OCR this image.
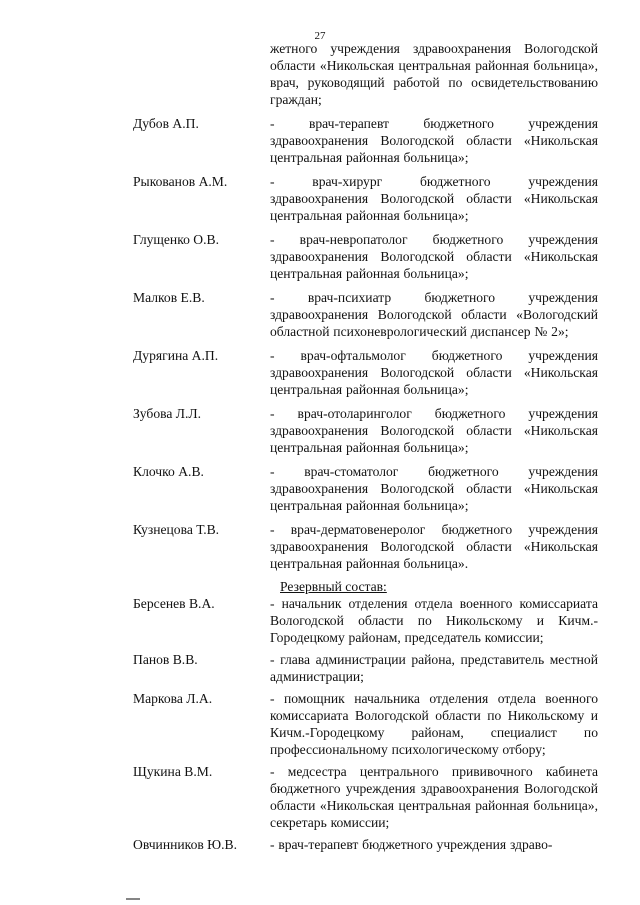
27
жетного учреждения здравоохранения Вологодской области «Никольская центральная районная больница», врач, руководящий работой по освидетельствованию граждан;
Дубов А.П.	- врач-терапевт бюджетного учреждения здравоохранения Вологодской области «Никольская центральная районная больница»;
Рыкованов А.М.	- врач-хирург бюджетного учреждения здравоохранения Вологодской области «Никольская центральная районная больница»;
Глущенко О.В.	- врач-невропатолог бюджетного учреждения здравоохранения Вологодской области «Никольская центральная районная больница»;
Малков Е.В.	- врач-психиатр бюджетного учреждения здравоохранения Вологодской области «Вологодский областной психоневрологический диспансер № 2»;
Дурягина А.П.	- врач-офтальмолог бюджетного учреждения здравоохранения Вологодской области «Никольская центральная районная больница»;
Зубова Л.Л.	- врач-отоларинголог бюджетного учреждения здравоохранения Вологодской области «Никольская центральная районная больница»;
Клочко А.В.	- врач-стоматолог бюджетного учреждения здравоохранения Вологодской области «Никольская центральная районная больница»;
Кузнецова Т.В.	- врач-дерматовенеролог бюджетного учреждения здравоохранения Вологодской области «Никольская центральная районная больница».
Резервный состав:
Берсенев В.А.	- начальник отделения отдела военного комиссариата Вологодской области по Никольскому и Кичм.-Городецкому районам, председатель комиссии;
Панов В.В.	- глава администрации района, представитель местной администрации;
Маркова Л.А.	- помощник начальника отделения отдела военного комиссариата Вологодской области по Никольскому и Кичм.-Городецкому районам, специалист по профессиональному психологическому отбору;
Щукина В.М.	- медсестра центрального прививочного кабинета бюджетного учреждения здравоохранения Вологодской области «Никольская центральная районная больница», секретарь комиссии;
Овчинников Ю.В. - врач-терапевт бюджетного учреждения здраво-
